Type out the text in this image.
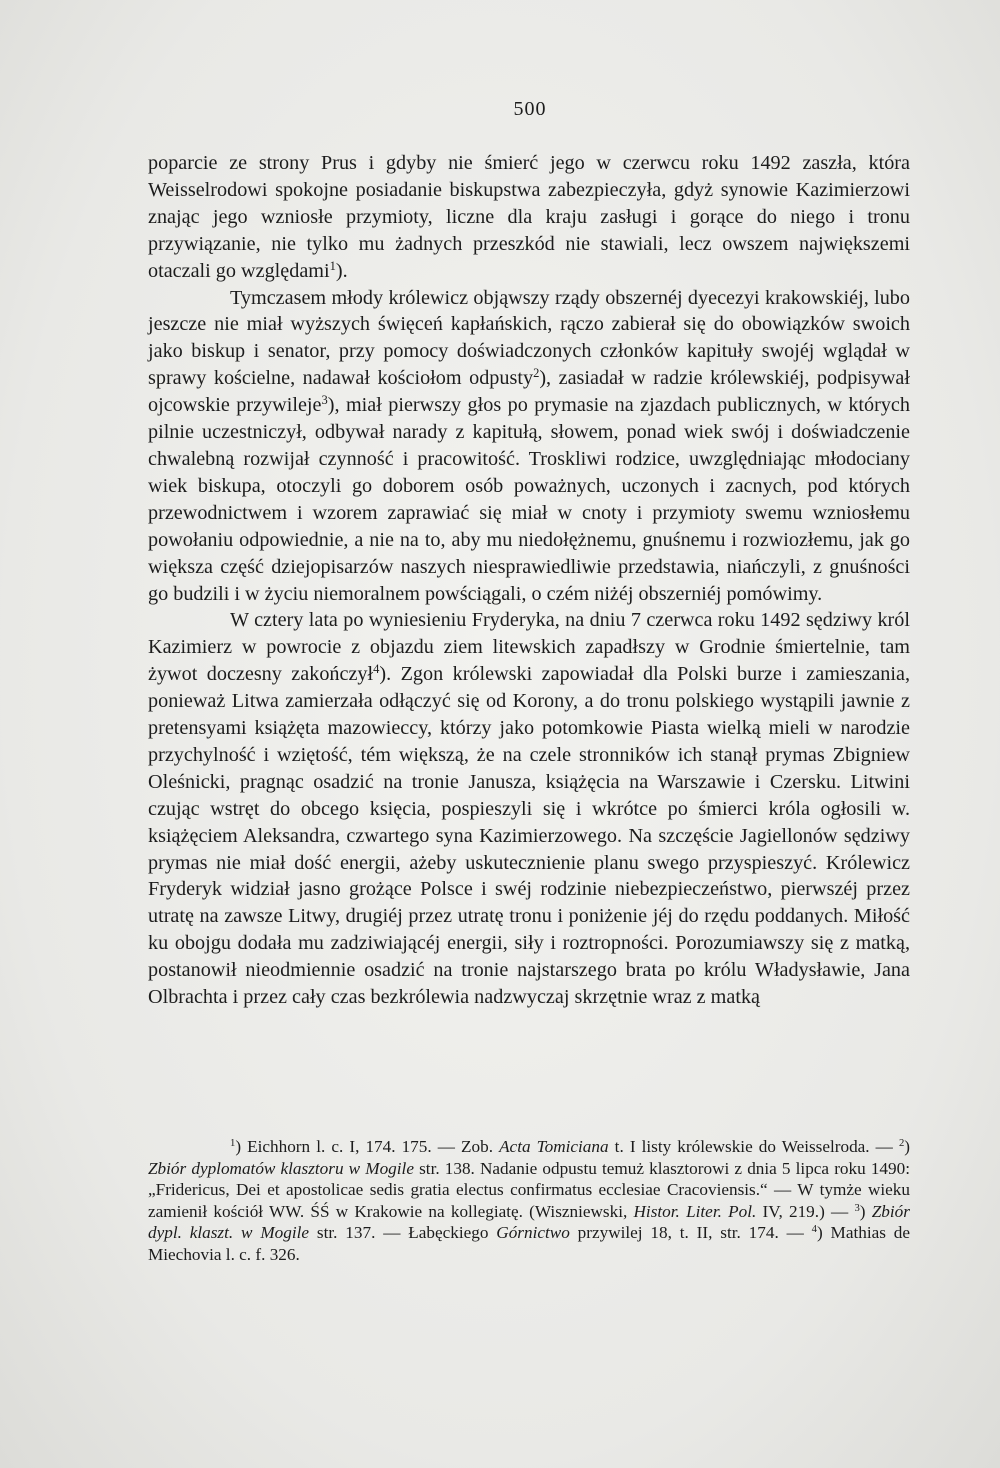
500

poparcie ze strony Prus i gdyby nie śmierć jego w czerwcu roku 1492 zaszła, która Weisselrodowi spokojne posiadanie biskupstwa zabezpieczyła, gdyż synowie Kazimierzowi znając jego wzniosłe przymioty, liczne dla kraju zasługi i gorące do niego i tronu przywiązanie, nie tylko mu żadnych przeszkód nie stawiali, lecz owszem największemi otaczali go względami$^1$).

Tymczasem młody królewicz objąwszy rządy obszernéj dyecezyi krakowskiéj, lubo jeszcze nie miał wyższych święceń kapłańskich, rączo zabierał się do obowiązków swoich jako biskup i senator, przy pomocy doświadczonych członków kapituły swojéj wglądał w sprawy kościelne, nadawał kościołom odpusty$^2$), zasiadał w radzie królewskiéj, podpisywał ojcowskie przywileje$^3$), miał pierwszy głos po prymasie na zjazdach publicznych, w których pilnie uczestniczył, odbywał narady z kapitułą, słowem, ponad wiek swój i doświadczenie chwalebną rozwijał czynność i pracowitość. Troskliwi rodzice, uwzględniając młodociany wiek biskupa, otoczyli go doborem osób poważnych, uczonych i zacnych, pod których przewodnictwem i wzorem zaprawiać się miał w cnoty i przymioty swemu wzniosłemu powołaniu odpowiednie, a nie na to, aby mu niedołężnemu, gnuśnemu i rozwiozłemu, jak go większa część dziejopisarzów naszych niesprawiedliwie przedstawia, niańczyli, z gnuśności go budzili i w życiu niemoralnem powściągali, o czém niżéj obszerniéj pomówimy.

W cztery lata po wyniesieniu Fryderyka, na dniu 7 czerwca roku 1492 sędziwy król Kazimierz w powrocie z objazdu ziem litewskich zapadłszy w Grodnie śmiertelnie, tam żywot doczesny zakończył$^4$). Zgon królewski zapowiadał dla Polski burze i zamieszania, ponieważ Litwa zamierzała odłączyć się od Korony, a do tronu polskiego wystąpili jawnie z pretensyami książęta mazowieccy, którzy jako potomkowie Piasta wielką mieli w narodzie przychylność i wziętość, tém większą, że na czele stronników ich stanął prymas Zbigniew Oleśnicki, pragnąc osadzić na tronie Janusza, książęcia na Warszawie i Czersku. Litwini czując wstręt do obcego księcia, pospieszyli się i wkrótce po śmierci króla ogłosili w. książęciem Aleksandra, czwartego syna Kazimierzowego. Na szczęście Jagiellonów sędziwy prymas nie miał dość energii, ażeby uskutecznienie planu swego przyspieszyć. Królewicz Fryderyk widział jasno grożące Polsce i swéj rodzinie niebezpieczeństwo, pierwszéj przez utratę na zawsze Litwy, drugiéj przez utratę tronu i poniżenie jéj do rzędu poddanych. Miłość ku obojgu dodała mu zadziwiającéj energii, siły i roztropności. Porozumiawszy się z matką, postanowił nieodmiennie osadzić na tronie najstarszego brata po królu Władysławie, Jana Olbrachta i przez cały czas bezkrólewia nadzwyczaj skrzętnie wraz z matką

$^1$) Eichhorn l. c. I, 174. 175. — Zob. Acta Tomiciana t. I listy królewskie do Weisselroda. — $^2$) Zbiór dyplomatów klasztoru w Mogile str. 138. Nadanie odpustu temuż klasztorowi z dnia 5 lipca roku 1490: „Fridericus, Dei et apostolicae sedis gratia electus confirmatus ecclesiae Cracoviensis.“ — W tymże wieku zamienił kościół WW. ŚŚ w Krakowie na kollegiatę. (Wiszniewski, Histor. Liter. Pol. IV, 219.) — $^3$) Zbiór dypl. klaszt. w Mogile str. 137. — Łabęckiego Górnictwo przywilej 18, t. II, str. 174. — $^4$) Mathias de Miechovia l. c. f. 326.
